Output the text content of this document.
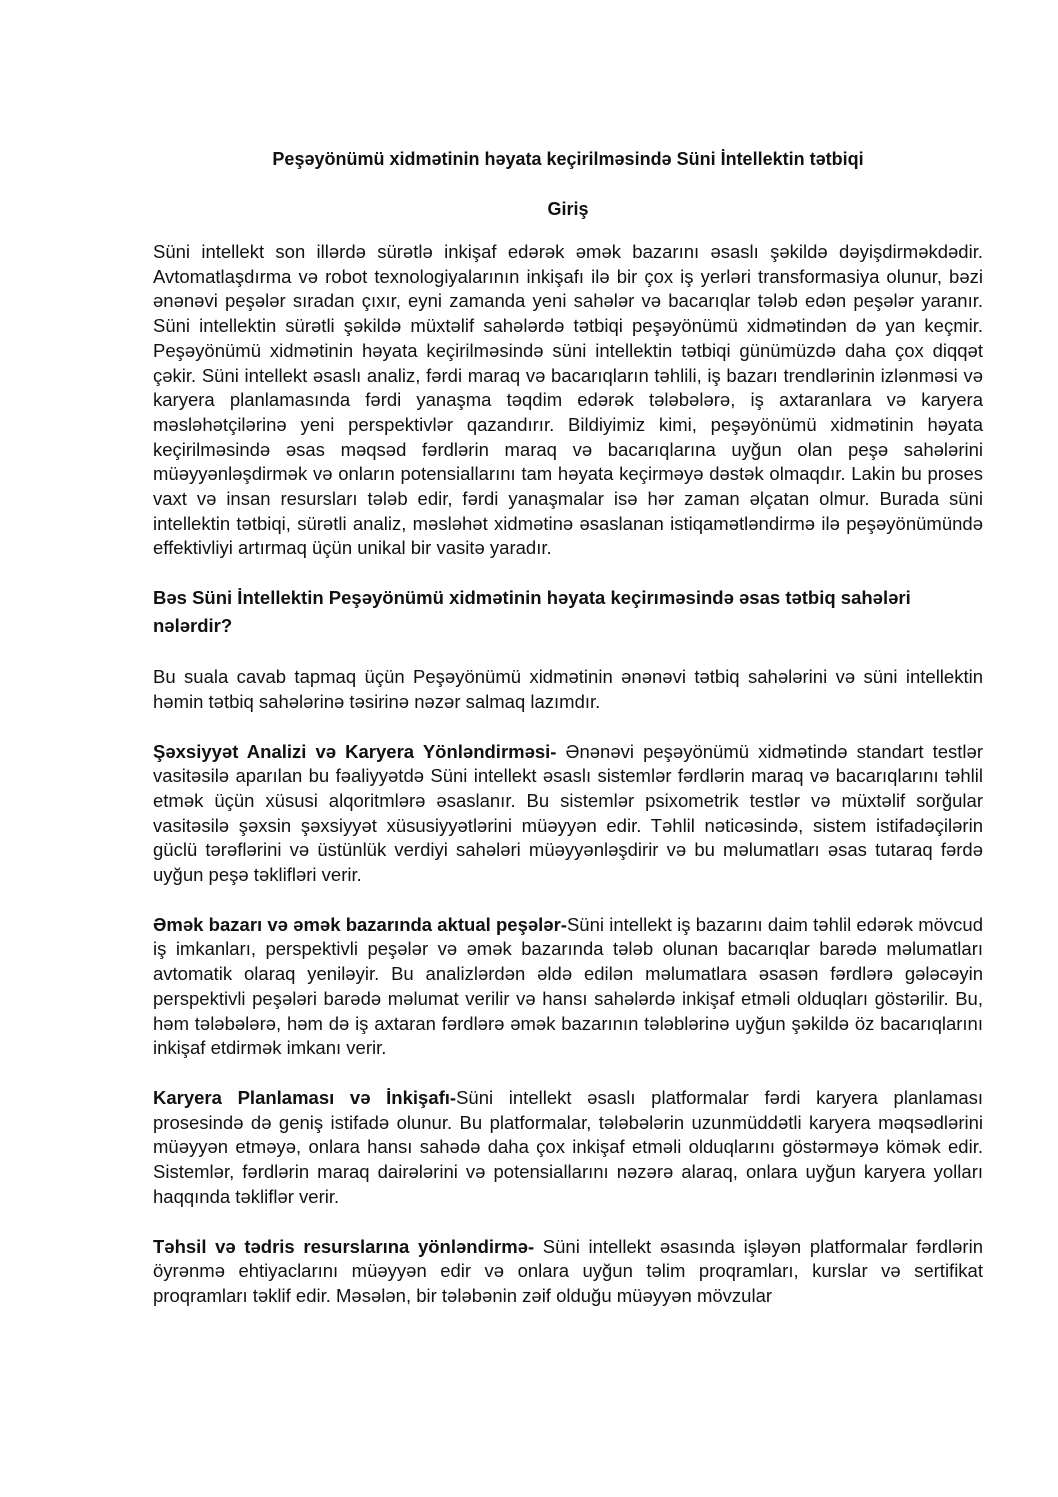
Peşəyönümü xidmətinin həyata keçirilməsində Süni İntellektin tətbiqi
Giriş

Süni intellekt son illərdə sürətlə inkişaf edərək əmək bazarını əsaslı şəkildə dəyişdirməkdədir. Avtomatlaşdırma və robot texnologiyalarının inkişafı ilə bir çox iş yerləri transformasiya olunur, bəzi ənənəvi peşələr sıradan çıxır, eyni zamanda yeni sahələr və bacarıqlar tələb edən peşələr yaranır. Süni intellektin sürətli şəkildə müxtəlif sahələrdə tətbiqi peşəyönümü xidmətindən də yan keçmir. Peşəyönümü xidmətinin həyata keçirilməsində süni intellektin tətbiqi günümüzdə daha çox diqqət çəkir. Süni intellekt əsaslı analiz, fərdi maraq və bacarıqların təhlili, iş bazarı trendlərinin izlənməsi və karyera planlamasında fərdi yanaşma təqdim edərək tələbələrə, iş axtaranlara və karyera məsləhətçilərinə yeni perspektivlər qazandırır. Bildiyimiz kimi, peşəyönümü xidmətinin həyata keçirilməsində əsas məqsəd fərdlərin maraq və bacarıqlarına uyğun olan peşə sahələrini müəyyənləşdirmək və onların potensiallarını tam həyata keçirməyə dəstək olmaqdır. Lakin bu proses vaxt və insan resursları tələb edir, fərdi yanaşmalar isə hər zaman əlçatan olmur. Burada süni intellektin tətbiqi, sürətli analiz, məsləhət xidmətinə əsaslanan istiqamətləndirmə ilə peşəyönümündə effektivliyi artırmaq üçün unikal bir vasitə yaradır.

Bəs Süni İntellektin Peşəyönümü xidmətinin həyata keçirıməsində əsas tətbiq sahələri nələrdir?

Bu suala cavab tapmaq üçün Peşəyönümü xidmətinin ənənəvi tətbiq sahələrini və süni intellektin həmin tətbiq sahələrinə təsirinə nəzər salmaq lazımdır.

Şəxsiyyət Analizi və Karyera Yönləndirməsi- Ənənəvi peşəyönümü xidmətində standart testlər vasitəsilə aparılan bu fəaliyyətdə Süni intellekt əsaslı sistemlər fərdlərin maraq və bacarıqlarını təhlil etmək üçün xüsusi alqoritmlərə əsaslanır. Bu sistemlər psixometrik testlər və müxtəlif sorğular vasitəsilə şəxsin şəxsiyyət xüsusiyyətlərini müəyyən edir. Təhlil nəticəsində, sistem istifadəçilərin güclü tərəflərini və üstünlük verdiyi sahələri müəyyənləşdirir və bu məlumatları əsas tutaraq fərdə uyğun peşə təklifləri verir.

Əmək bazarı və əmək bazarında aktual peşələr-Süni intellekt iş bazarını daim təhlil edərək mövcud iş imkanları, perspektivli peşələr və əmək bazarında tələb olunan bacarıqlar barədə məlumatları avtomatik olaraq yeniləyir. Bu analizlərdən əldə edilən məlumatlara əsasən fərdlərə gələcəyin perspektivli peşələri barədə məlumat verilir və hansı sahələrdə inkişaf etməli olduqları göstərilir. Bu, həm tələbələrə, həm də iş axtaran fərdlərə əmək bazarının tələblərinə uyğun şəkildə öz bacarıqlarını inkişaf etdirmək imkanı verir.

Karyera Planlaması və İnkişafı-Süni intellekt əsaslı platformalar fərdi karyera planlaması prosesində də geniş istifadə olunur. Bu platformalar, tələbələrin uzunmüddətli karyera məqsədlərini müəyyən etməyə, onlara hansı sahədə daha çox inkişaf etməli olduqlarını göstərməyə kömək edir. Sistemlər, fərdlərin maraq dairələrini və potensiallarını nəzərə alaraq, onlara uyğun karyera yolları haqqında təkliflər verir.

Təhsil və tədris resurslarına yönləndirmə- Süni intellekt əsasında işləyən platformalar fərdlərin öyrənmə ehtiyaclarını müəyyən edir və onlara uyğun təlim proqramları, kurslar və sertifikat proqramları təklif edir. Məsələn, bir tələbənin zəif olduğu müəyyən mövzular
